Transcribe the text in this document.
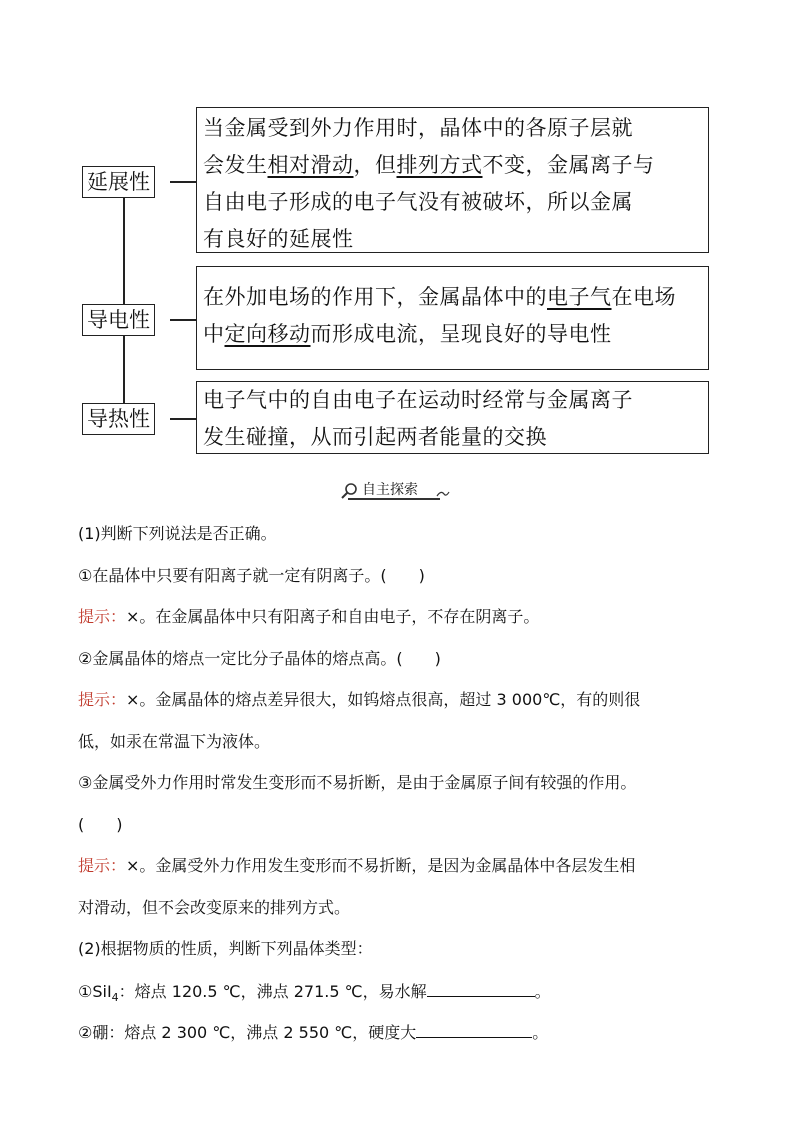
延展性
导电性
导热性
当金属受到外力作用时，晶体中的各原子层就
会发生相对滑动，但排列方式不变，金属离子与
自由电子形成的电子气没有被破坏，所以金属
有良好的延展性
在外加电场的作用下，金属晶体中的电子气在电场
中定向移动而形成电流，呈现良好的导电性
电子气中的自由电子在运动时经常与金属离子
发生碰撞，从而引起两者能量的交换
自主探索
(1)判断下列说法是否正确。
①在晶体中只要有阳离子就一定有阴离子。(　　)
提示：×。在金属晶体中只有阳离子和自由电子，不存在阴离子。
②金属晶体的熔点一定比分子晶体的熔点高。(　　)
提示：×。金属晶体的熔点差异很大，如钨熔点很高，超过 3 000℃，有的则很
低，如汞在常温下为液体。
③金属受外力作用时常发生变形而不易折断，是由于金属原子间有较强的作用。
(　　)
提示：×。金属受外力作用发生变形而不易折断，是因为金属晶体中各层发生相
对滑动，但不会改变原来的排列方式。
(2)根据物质的性质，判断下列晶体类型：
①SiI$_4$：熔点 120.5 ℃，沸点 271.5 ℃，易水解	。
②硼：熔点 2 300 ℃，沸点 2 550 ℃，硬度大	。
